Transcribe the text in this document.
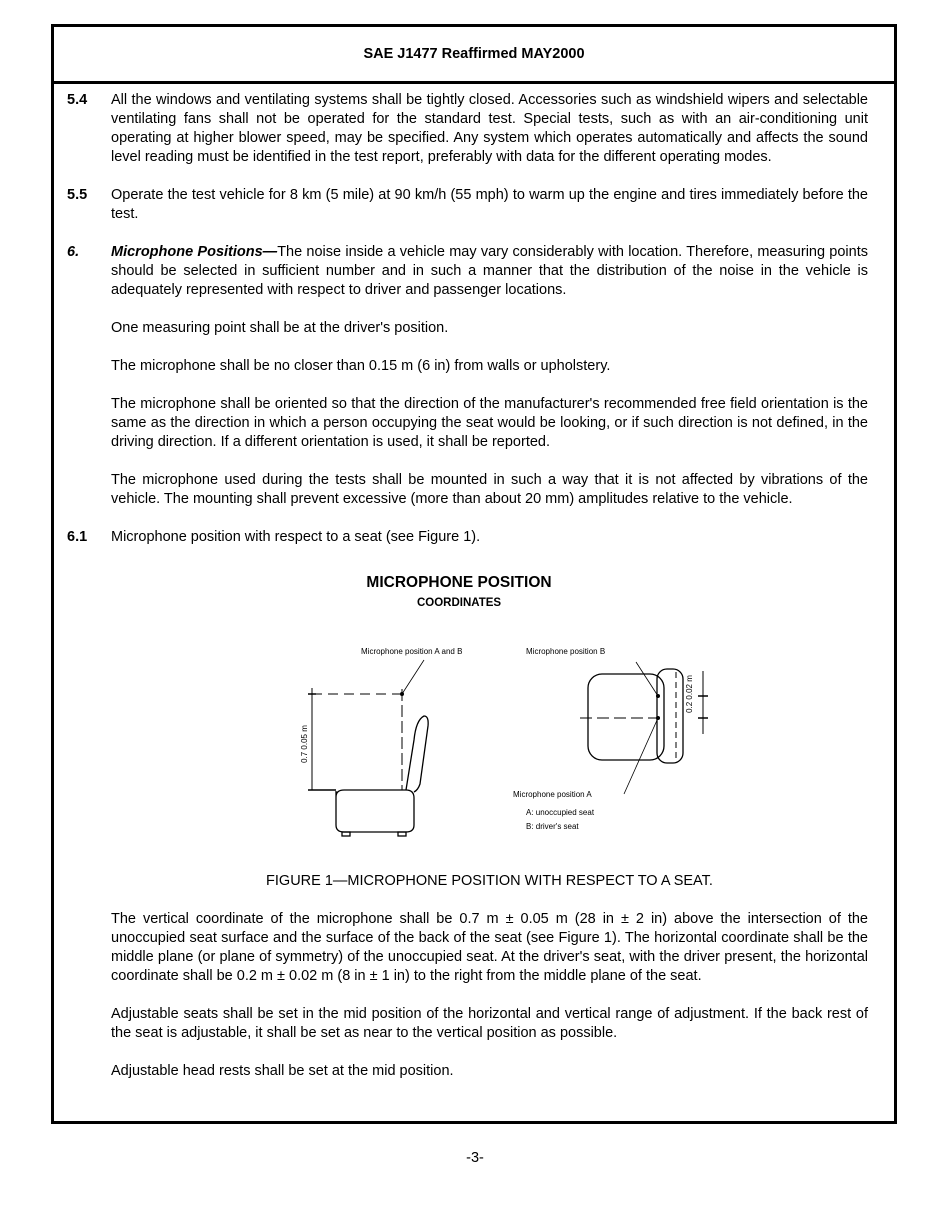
SAE J1477 Reaffirmed MAY2000
5.4 All the windows and ventilating systems shall be tightly closed. Accessories such as windshield wipers and selectable ventilating fans shall not be operated for the standard test. Special tests, such as with an air-conditioning unit operating at higher blower speed, may be specified. Any system which operates automatically and affects the sound level reading must be identified in the test report, preferably with data for the different operating modes.
5.5 Operate the test vehicle for 8 km (5 mile) at 90 km/h (55 mph) to warm up the engine and tires immediately before the test.
6. Microphone Positions—The noise inside a vehicle may vary considerably with location. Therefore, measuring points should be selected in sufficient number and in such a manner that the distribution of the noise in the vehicle is adequately represented with respect to driver and passenger locations.
One measuring point shall be at the driver's position.
The microphone shall be no closer than 0.15 m (6 in) from walls or upholstery.
The microphone shall be oriented so that the direction of the manufacturer's recommended free field orientation is the same as the direction in which a person occupying the seat would be looking, or if such direction is not defined, in the driving direction. If a different orientation is used, it shall be reported.
The microphone used during the tests shall be mounted in such a way that it is not affected by vibrations of the vehicle. The mounting shall prevent excessive (more than about 20 mm) amplitudes relative to the vehicle.
6.1 Microphone position with respect to a seat (see Figure 1).
MICROPHONE POSITION
COORDINATES
Microphone position A and B	Microphone position B
0.7 0.05 m
0.2 0.02 m
Microphone position A
A: unoccupied seat
B: driver's seat
FIGURE 1—MICROPHONE POSITION WITH RESPECT TO A SEAT.
The vertical coordinate of the microphone shall be 0.7 m ± 0.05 m (28 in ± 2 in) above the intersection of the unoccupied seat surface and the surface of the back of the seat (see Figure 1). The horizontal coordinate shall be the middle plane (or plane of symmetry) of the unoccupied seat. At the driver's seat, with the driver present, the horizontal coordinate shall be 0.2 m ± 0.02 m (8 in ± 1 in) to the right from the middle plane of the seat.
Adjustable seats shall be set in the mid position of the horizontal and vertical range of adjustment. If the back rest of the seat is adjustable, it shall be set as near to the vertical position as possible.
Adjustable head rests shall be set at the mid position.
-3-
